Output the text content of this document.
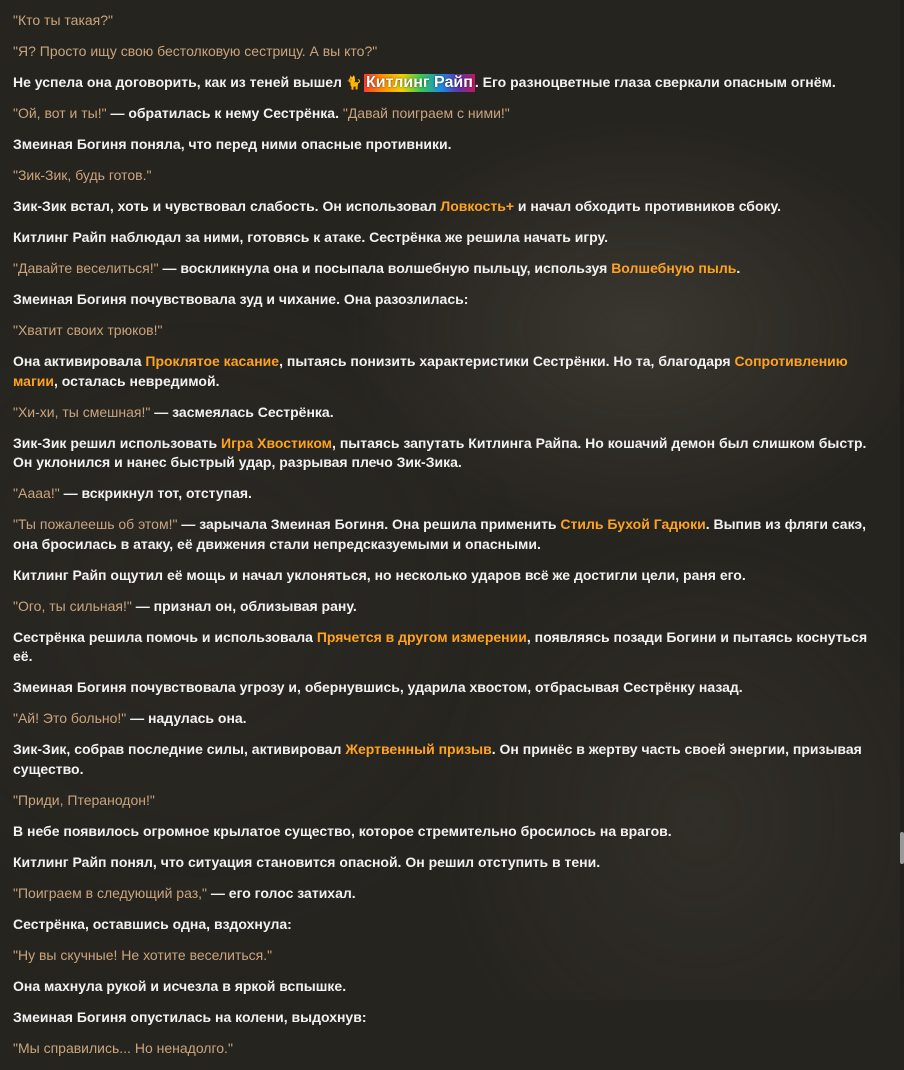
"Кто ты такая?"

"Я? Просто ищу свою бестолковую сестрицу. А вы кто?"

Не успела она договорить, как из теней вышел 🐈 Китлинг Райп . Его разноцветные глаза сверкали опасным огнём.

"Ой, вот и ты!" — обратилась к нему Сестрёнка. "Давай поиграем с ними!"

Змеиная Богиня поняла, что перед ними опасные противники.

"Зик-Зик, будь готов."

Зик-Зик встал, хоть и чувствовал слабость. Он использовал Ловкость+ и начал обходить противников сбоку.

Китлинг Райп наблюдал за ними, готовясь к атаке. Сестрёнка же решила начать игру.

"Давайте веселиться!" — воскликнула она и посыпала волшебную пыльцу, используя Волшебную пыль.

Змеиная Богиня почувствовала зуд и чихание. Она разозлилась:

"Хватит своих трюков!"

Она активировала Проклятое касание, пытаясь понизить характеристики Сестрёнки. Но та, благодаря Сопротивлению магии, осталась невредимой.

"Хи-хи, ты смешная!" — засмеялась Сестрёнка.

Зик-Зик решил использовать Игра Хвостиком, пытаясь запутать Китлинга Райпа. Но кошачий демон был слишком быстр. Он уклонился и нанес быстрый удар, разрывая плечо Зик-Зика.

"Аааа!" — вскрикнул тот, отступая.

"Ты пожалеешь об этом!" — зарычала Змеиная Богиня. Она решила применить Стиль Бухой Гадюки. Выпив из фляги сакэ, она бросилась в атаку, её движения стали непредсказуемыми и опасными.

Китлинг Райп ощутил её мощь и начал уклоняться, но несколько ударов всё же достигли цели, раня его.

"Ого, ты сильная!" — признал он, облизывая рану.

Сестрёнка решила помочь и использовала Прячется в другом измерении, появляясь позади Богини и пытаясь коснуться её.

Змеиная Богиня почувствовала угрозу и, обернувшись, ударила хвостом, отбрасывая Сестрёнку назад.

"Ай! Это больно!" — надулась она.

Зик-Зик, собрав последние силы, активировал Жертвенный призыв. Он принёс в жертву часть своей энергии, призывая существо.

"Приди, Птеранодон!"

В небе появилось огромное крылатое существо, которое стремительно бросилось на врагов.

Китлинг Райп понял, что ситуация становится опасной. Он решил отступить в тени.

"Поиграем в следующий раз," — его голос затихал.

Сестрёнка, оставшись одна, вздохнула:

"Ну вы скучные! Не хотите веселиться."

Она махнула рукой и исчезла в яркой вспышке.

Змеиная Богиня опустилась на колени, выдохнув:

"Мы справились... Но ненадолго."
